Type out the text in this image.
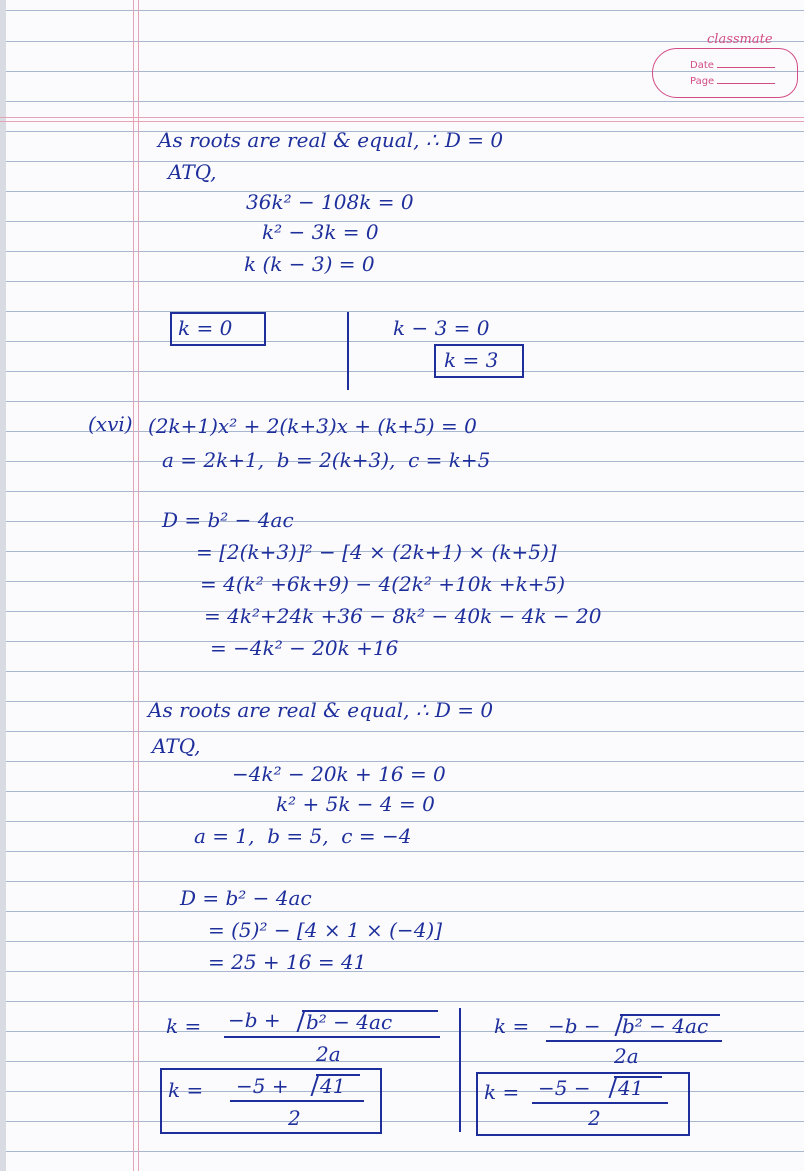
classmate
Date
Page
As roots are real & equal, ∴ D = 0
ATQ,
36k² − 108k = 0
k² − 3k = 0
k (k − 3) = 0
k = 0	k − 3 = 0
k = 3
(xvi) (2k+1)x² + 2(k+3)x + (k+5) = 0
a = 2k+1,  b = 2(k+3),  c = k+5
D = b² − 4ac
= [2(k+3)]² − [4 × (2k+1) × (k+5)]
= 4(k² +6k+9) − 4(2k² +10k +k+5)
= 4k²+24k +36 − 8k² − 40k − 4k − 20
= −4k² − 20k +16
As roots are real & equal, ∴ D = 0
ATQ,
−4k² − 20k + 16 = 0
k² + 5k − 4 = 0
a = 1,  b = 5,  c = −4
D = b² − 4ac
= (5)² − [4 × 1 × (−4)]
= 25 + 16 = 41
k = −b + b² − 4ac
2a
k = −b − b² − 4ac
2a
k = −5 + 41
2
k = −5 − 41
2
